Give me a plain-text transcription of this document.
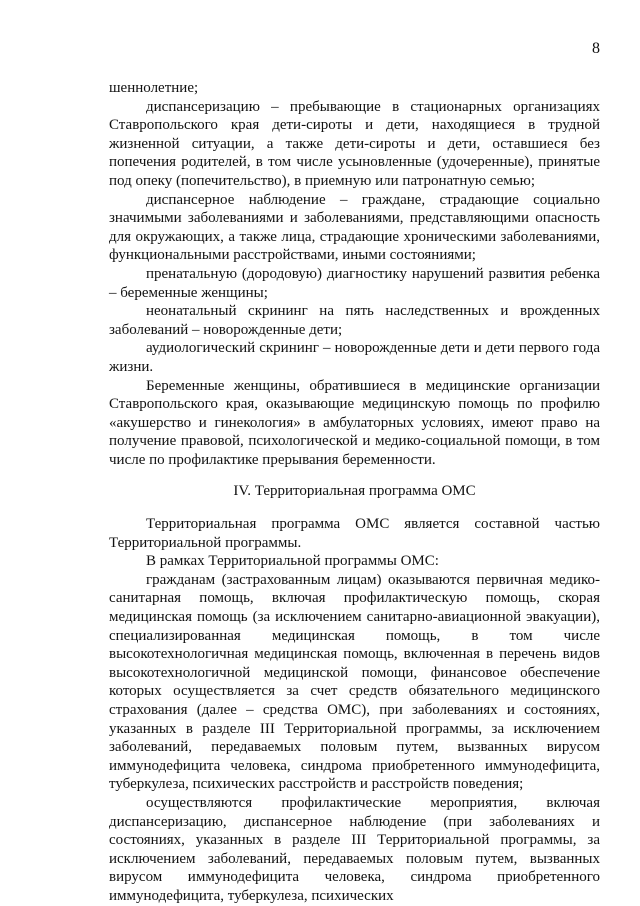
8

шеннолетние;

диспансеризацию – пребывающие в стационарных организациях Ставропольского края дети-сироты и дети, находящиеся в трудной жизненной ситуации, а также дети-сироты и дети, оставшиеся без попечения родителей, в том числе усыновленные (удочеренные), принятые под опеку (попечительство), в приемную или патронатную семью;

диспансерное наблюдение – граждане, страдающие социально значимыми заболеваниями и заболеваниями, представляющими опасность для окружающих, а также лица, страдающие хроническими заболеваниями, функциональными расстройствами, иными состояниями;

пренатальную (дородовую) диагностику нарушений развития ребенка – беременные женщины;

неонатальный скрининг на пять наследственных и врожденных заболеваний – новорожденные дети;

аудиологический скрининг – новорожденные дети и дети первого года жизни.

Беременные женщины, обратившиеся в медицинские организации Ставропольского края, оказывающие медицинскую помощь по профилю «акушерство и гинекология» в амбулаторных условиях, имеют право на получение правовой, психологической и медико-социальной помощи, в том числе по профилактике прерывания беременности.

IV. Территориальная программа ОМС

Территориальная программа ОМС является составной частью Территориальной программы.

В рамках Территориальной программы ОМС:

гражданам (застрахованным лицам) оказываются первичная медико-санитарная помощь, включая профилактическую помощь, скорая медицинская помощь (за исключением санитарно-авиационной эвакуации), специализированная медицинская помощь, в том числе высокотехнологичная медицинская помощь, включенная в перечень видов высокотехнологичной медицинской помощи, финансовое обеспечение которых осуществляется за счет средств обязательного медицинского страхования (далее – средства ОМС), при заболеваниях и состояниях, указанных в разделе III Территориальной программы, за исключением заболеваний, передаваемых половым путем, вызванных вирусом иммунодефицита человека, синдрома приобретенного иммунодефицита, туберкулеза, психических расстройств и расстройств поведения;

осуществляются профилактические мероприятия, включая диспансеризацию, диспансерное наблюдение (при заболеваниях и состояниях, указанных в разделе III Территориальной программы, за исключением заболеваний, передаваемых половым путем, вызванных вирусом иммунодефицита человека, синдрома приобретенного иммунодефицита, туберкулеза, психических
